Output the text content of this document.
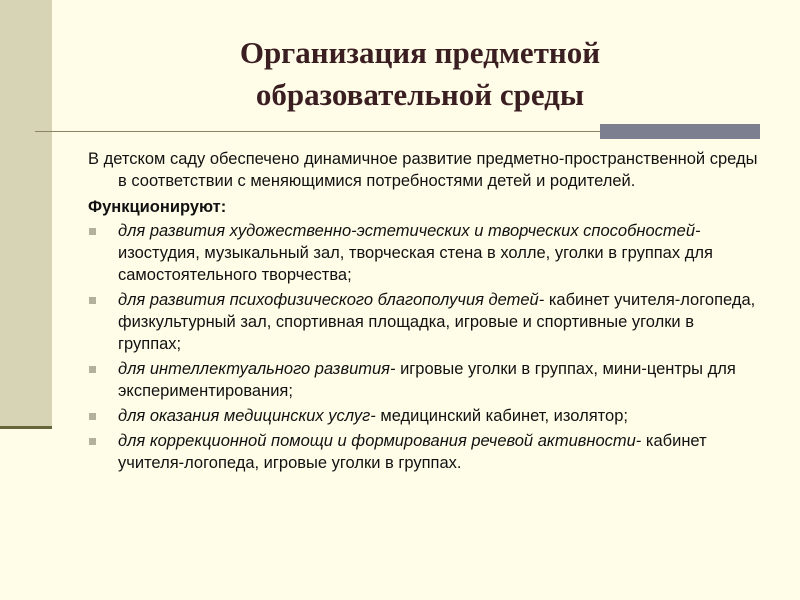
Организация предметной
образовательной среды

В детском саду обеспечено динамичное развитие предметно-пространственной среды в соответствии с меняющимися потребностями детей и родителей.

Функционируют:

для развития художественно-эстетических и творческих способностей- изостудия, музыкальный зал, творческая стена в холле, уголки в группах для самостоятельного творчества;
для развития психофизического благополучия детей- кабинет учителя-логопеда, физкультурный зал, спортивная площадка, игровые и спортивные уголки в группах;
для интеллектуального развития- игровые уголки в группах, мини-центры для экспериментирования;
для оказания медицинских услуг- медицинский кабинет, изолятор;
для коррекционной помощи и формирования речевой активности- кабинет учителя-логопеда, игровые уголки в группах.
